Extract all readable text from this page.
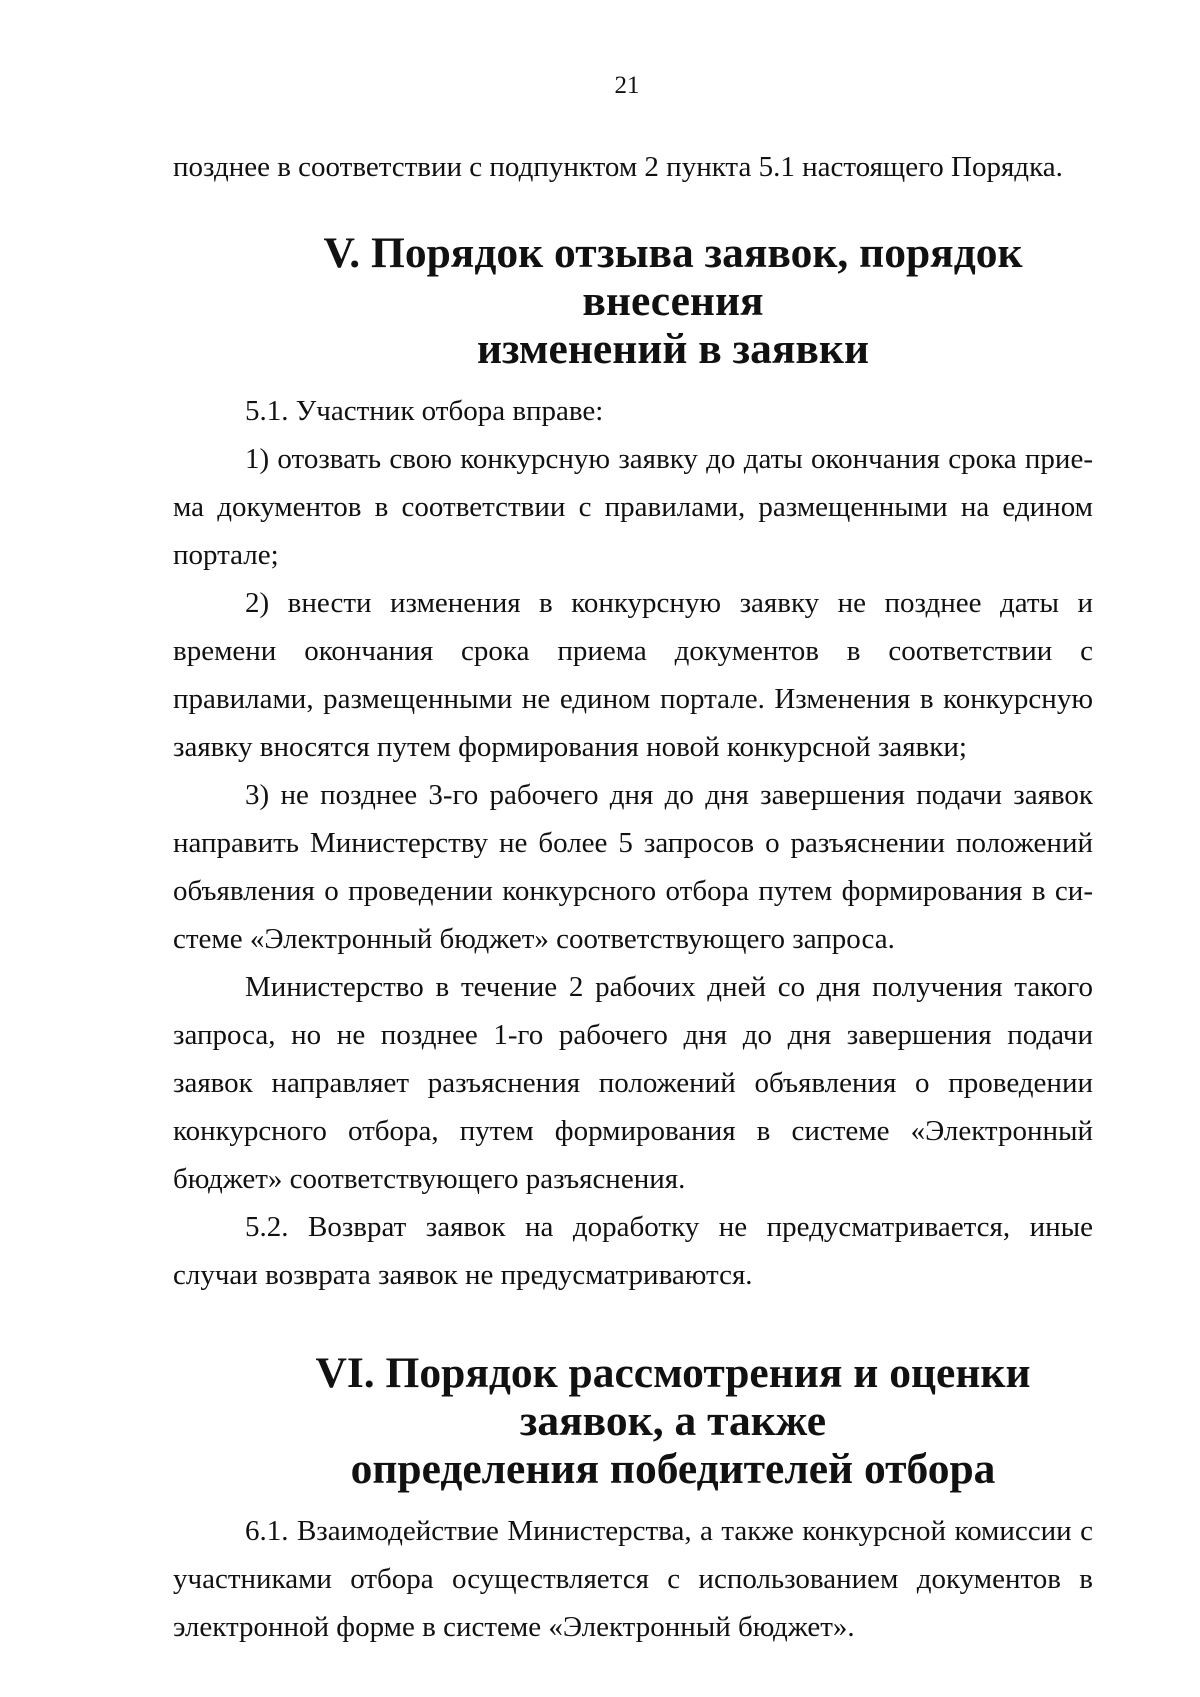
21

позднее в соответствии с подпунктом 2 пункта 5.1 настоящего Порядка.

V. Порядок отзыва заявок, порядок внесения
изменений в заявки

5.1. Участник отбора вправе:

1) отозвать свою конкурсную заявку до даты окончания срока приема документов в соответствии с правилами, размещенными на едином портале;

2) внести изменения в конкурсную заявку не позднее даты и времени окончания срока приема документов в соответствии с правилами, размещенными не едином портале. Изменения в конкурсную заявку вносятся путем формирования новой конкурсной заявки;

3) не позднее 3-го рабочего дня до дня завершения подачи заявок направить Министерству не более 5 запросов о разъяснении положений объявления о проведении конкурсного отбора путем формирования в системе «Электронный бюджет» соответствующего запроса.

Министерство в течение 2 рабочих дней со дня получения такого запроса, но не позднее 1-го рабочего дня до дня завершения подачи заявок направляет разъяснения положений объявления о проведении конкурсного отбора, путем формирования в системе «Электронный бюджет» соответствующего разъяснения.

5.2. Возврат заявок на доработку не предусматривается, иные случаи возврата заявок не предусматриваются.

VI. Порядок рассмотрения и оценки заявок, а также
определения победителей отбора

6.1. Взаимодействие Министерства, а также конкурсной комиссии с участниками отбора осуществляется с использованием документов в электронной форме в системе «Электронный бюджет».
